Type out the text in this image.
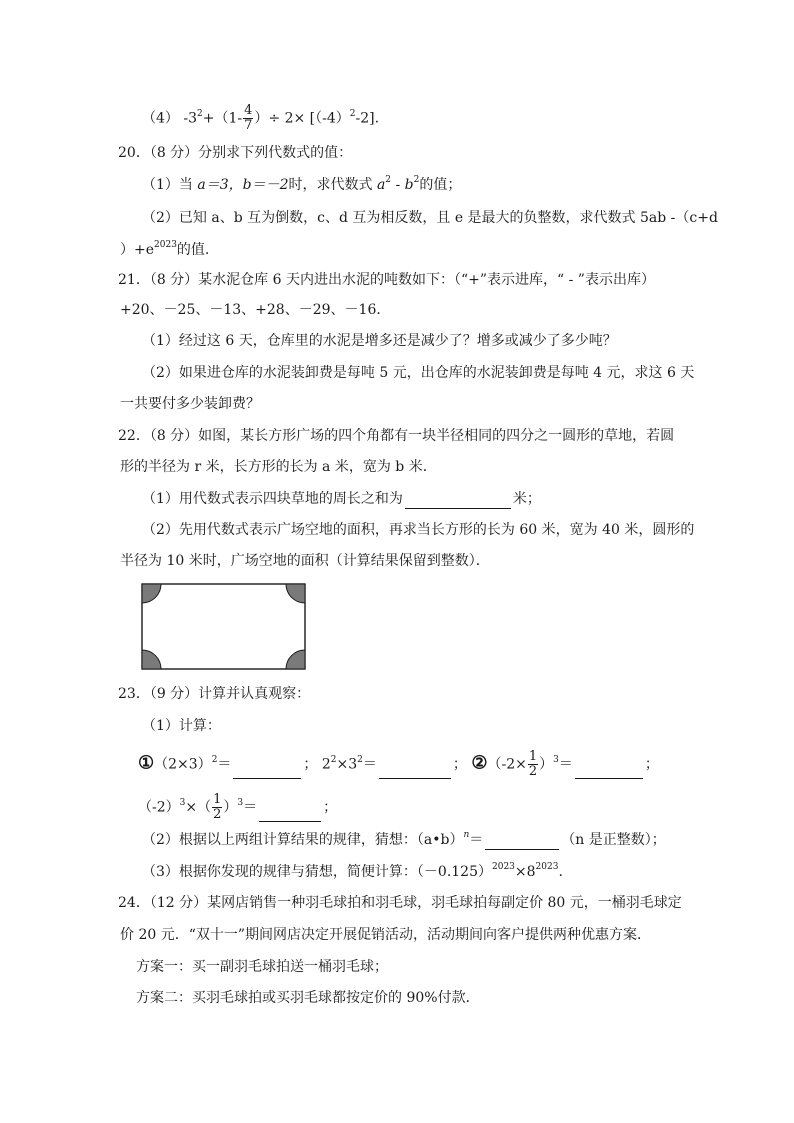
（4） $-3^2+(1- \frac{4}{7}$ ）÷ $2\times [(-4)^2-2]$.
20．（8 分）分别求下列代数式的值：
（1）当 a＝3，b＝－2时，求代数式 $a^2 - b^2$的值；
（2）已知 a、b 互为倒数，c、d 互为相反数，且 e 是最大的负整数，求代数式 5ab -（c+d
）$+e^{2023}$的值.
21．（8 分）某水泥仓库 6 天内进出水泥的吨数如下：（“+”表示进库，“ - ”表示出库）
+20、－25、－13、+28、－29、－16．
（1）经过这 6 天，仓库里的水泥是增多还是减少了？增多或减少了多少吨？
（2）如果进仓库的水泥装卸费是每吨 5 元，出仓库的水泥装卸费是每吨 4 元，求这 6 天
一共要付多少装卸费？
22．（8 分）如图，某长方形广场的四个角都有一块半径相同的四分之一圆形的草地，若圆
形的半径为 r 米，长方形的长为 a 米，宽为 b 米．
（1）用代数式表示四块草地的周长之和为	米；
（2）先用代数式表示广场空地的面积，再求当长方形的长为 60 米，宽为 40 米，圆形的
半径为 10 米时，广场空地的面积（计算结果保留到整数）．
23．（9 分）计算并认真观察：
（1）计算：
$①(2\times 3)^2=$	； $2^2\times 3^2=$	； ②（-2× $\frac{1}{2} )^3=$	；
$(-2)^3\times( \frac{1}{2} )^3=$	；
（2）根据以上两组计算结果的规律，猜想：（a•b）$^n$＝	（n 是正整数）；
（3）根据你发现的规律与猜想，简便计算：$(-0.125)^{2023}\times 8^{2023}$.
24．（12 分）某网店销售一种羽毛球拍和羽毛球，羽毛球拍每副定价 80 元，一桶羽毛球定
价 20 元．“双十一”期间网店决定开展促销活动，活动期间向客户提供两种优惠方案．
方案一：买一副羽毛球拍送一桶羽毛球；
方案二：买羽毛球拍或买羽毛球都按定价的 90%付款．
